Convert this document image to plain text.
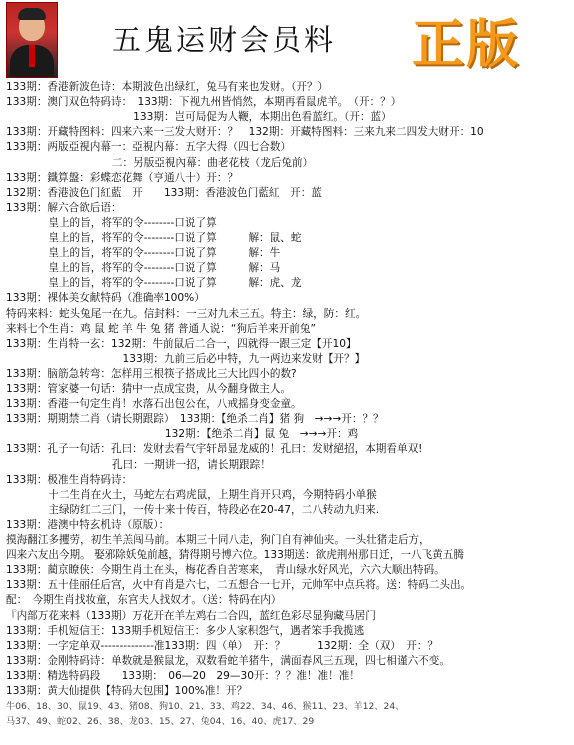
五鬼运财会员料 正版
133期：香港新波色诗：本期波色出绿红，兔马有来也发财。（开？）
133期：澳门双色特码诗：　133期：下视九州皆悄然，本期再看鼠虎羊。　（开：？）
　　　　　　　　　　　　133期：岂可局促为人鞭，本期出色看蓝红。（开：蓝）
133期：开藏特图料：四来六来一三发大财开：？　132期：开藏特图料：三来九来二四发大财开：10
133期：两版亞視内幕一：亞視内幕：五字大得（四七合数）
　　　　　　　　　　二：另版亞視內幕：曲老花枝（龙后兔前）
133期：鐵算盤：彩蝶恋花舞（亨通八十）开：？
132期：香港波色门紅藍　开　　133期：香港波色门藍紅　开：蓝
133期：解六合欲后语：
　　　　皇上的旨，将军的令--------口说了算
　　　　皇上的旨，将军的令--------口说了算　　　解：鼠、蛇
　　　　皇上的旨，将军的令--------口说了算　　　解：牛
　　　　皇上的旨，将军的令--------口说了算　　　解：马
　　　　皇上的旨，将军的令--------口说了算　　　解：虎、龙
133期：裸体美女献特码（准确率100%）
特码来料：蛇头兔尾一在九。信封料：一三对九未三五。特主：绿，防：红。
来料七个生肖：鸡 鼠 蛇 羊 牛 兔 猪 普通人说：“狗后羊来开前兔”
133期：生肖特一玄：132期：牛前鼠后二合一，四就得一跟三定【开10】
　　　　　　　　　　　133期：九前三后必中特，九一两边来发财【开？】
133期：脑筋急转弯：怎样用三根筷子搭成比三大比四小的数?
133期：管家婆一句话：猜中一点成宝贵，从今翻身做主人。
133期：香港一句定生肖！水落石出包公在，八戒摇身变金童。
133期：期期禁二肖（请长期跟踪）　133期：【绝杀二肖】猪 狗　→→→开：？？
　　　　　　　　　　　　　　　132期：【绝杀二肖】鼠 兔　→→→开：鸡
133期：孔子一句话：孔曰：发财去看气宇轩昂显龙威的！孔曰：发财絕招，本期看单双!
　　　　　　　　　　孔曰：一期讲一招，请长期跟踪！
133期：极准生肖特码诗：
　　　　十二生肖在火土，马蛇左右鸡虎鼠，上期生肖开只鸡，今期特码小单猴
　　　　主绿防红二三门，一传十来十传百，特段必在20-47，二八转动九归来.
133期：港澳中特玄机诗（原版）：
摸海翻江多攫劳，初生羊羔闯马前。本期三十同八走，狗门自有神仙夹。一头壮猪走后方，
四来六友出今期。 娶邪除妖兔前越，猜得期号博六位。133期送：欲虎荆州那日迁，一八飞黄五腾
133期：蔺京瞭侠：今期生肖土在头，梅花香自苦寒来，　青山绿水好风光，六六大顺出特码。
133期：五十佳丽任后宫，火中有肖是六七，二五想合一七开，元帅军中点兵将。送：特码二头出。
配：　今期生肖找妆童，东宫夫人找奴才。（送：特码在内）
『内部万花来料（133期）万花开在羊左鸡右二合四，蓝红色彩尽显狗藏马居门
133期：手机短信王：133期手机短信王：多少人家积怨气，遇者笨手我揽逃
133期：一字定单双--------------准133期：四（单）　开：？　　　132期：全（双）　开：？
133期：金刚特码诗：单数就是猴鼠龙，双数看蛇羊猪牛，满面春风三五现，四七相谨六不变。
133期：精选特码段　　133期：　06—20　29—30开：？？准！准！准！
133期：黄大仙提供【特码大包围】100%准！开？
牛06、18、30、鼠19、43、猪08、狗10、21、33、鸡22、34、46、猴11、23、羊12、24、
马37、49、蛇02、26、38、龙03、15、27、兔04、16、40、虎17、29
